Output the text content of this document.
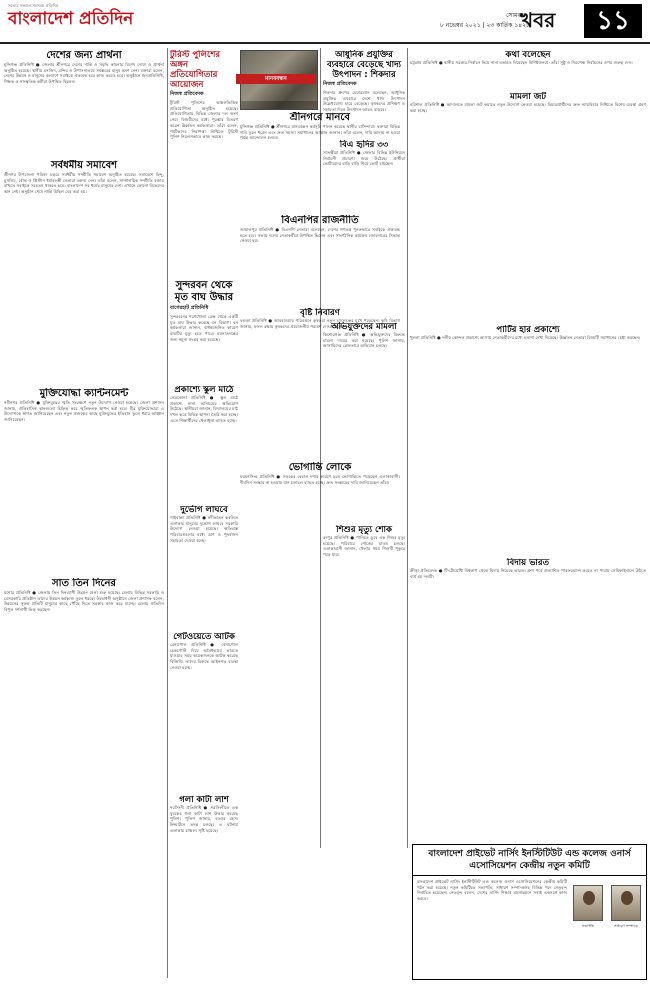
সত্যের সন্ধানে সবসময় প্রতিদিন
বাংলাদেশ প্রতিদিন	সোমবার
৮ নভেম্বর ২০২১ | ২৩ কার্তিক ১৪২৮
খবর	১১
দেশের জন্য প্রার্থনা
মুন্সিগঞ্জ প্রতিনিধি ● জেলার শ্রীনগরে দেশের শান্তি ও সমৃদ্ধি কামনায় বিশেষ দোয়া ও প্রার্থনা অনুষ্ঠিত হয়েছে। স্থানীয় মসজিদ, মন্দির ও উপাসনালয়ে সর্বস্তরের মানুষ অংশ নেন। বক্তারা বলেন, দেশের উন্নয়ন ও মানুষের কল্যাণে সবাইকে ঐক্যবদ্ধ হয়ে কাজ করতে হবে। অনুষ্ঠানে জনপ্রতিনিধি, শিক্ষক ও সাংস্কৃতিক কর্মীরা উপস্থিত ছিলেন।
সর্বধর্মীয় সমাবেশ
শ্রীনগর উপজেলা পরিষদ চত্বরে সর্বধর্মীয় সম্প্রীতি সমাবেশ অনুষ্ঠিত হয়েছে। সমাবেশে হিন্দু, মুসলিম, বৌদ্ধ ও খ্রিস্টান ধর্মাবলম্বী নেতারা বক্তব্য দেন। তাঁরা বলেন, সাম্প্রদায়িক সম্প্রীতি বজায় রাখতে সবাইকে সচেতন থাকতে হবে। বাংলাদেশ সব ধর্মের মানুষের দেশ। এখানে কোনো বিভেদের স্থান নেই। অনুষ্ঠান শেষে শান্তি মিছিল বের করা হয়।
মুক্তিযোদ্ধা ক্যান্টনমেন্ট
নবীনগর প্রতিনিধি ● মুক্তিযুদ্ধের স্মৃতি সংরক্ষণে নতুন উদ্যোগ নেওয়া হয়েছে। জেলা প্রশাসন জানায়, ঐতিহাসিক স্থানগুলো চিহ্নিত করে স্মৃতিফলক স্থাপন করা হবে। বীর মুক্তিযোদ্ধারা এ উদ্যোগকে স্বাগত জানিয়েছেন এবং নতুন প্রজন্মের কাছে মুক্তিযুদ্ধের ইতিহাস তুলে ধরার আহ্বান জানিয়েছেন।
সাত তিন দিনের
যশোর প্রতিনিধি ● জেলায় তিন দিনব্যাপী উন্নয়ন মেলা শুরু হয়েছে। মেলায় বিভিন্ন সরকারি ও বেসরকারি প্রতিষ্ঠান তাদের উন্নয়ন কর্মকাণ্ড তুলে ধরছে। উদ্বোধনী অনুষ্ঠানে জেলা প্রশাসক বলেন, উন্নয়নের সুফল প্রতিটি মানুষের কাছে পৌঁছে দিতে সরকার কাজ করে যাচ্ছে। মেলায় প্রতিদিন বিপুল দর্শনার্থী ভিড় করছেন।
টুরিস্ট পুলিশের অঙ্গন প্রতিযোগিতার আয়োজন
নিজস্ব প্রতিবেদক
টুরিস্ট পুলিশের অঞ্চলভিত্তিক প্রতিযোগিতা অনুষ্ঠিত হয়েছে। প্রতিযোগিতায় বিভিন্ন জেলার দল অংশ নেয়। বিজয়ীদের মধ্যে পুরস্কার বিতরণ করেন ঊর্ধ্বতন কর্মকর্তারা। তাঁরা বলেন, পর্যটকদের নিরাপত্তা নিশ্চিতে টুরিস্ট পুলিশ নিরলসভাবে কাজ করছে।
সুন্দরবন থেকে মৃত বাঘ উদ্ধার
বাগেরহাট প্রতিনিধি
সুন্দরবনের শরণখোলা রেঞ্জ থেকে একটি মৃত বাঘ উদ্ধার করেছে বন বিভাগ। বন কর্মকর্তারা জানান, বার্ধক্যজনিত কারণে বাঘটির মৃত্যু হতে পারে। ময়নাতদন্তের জন্য নমুনা সংগ্রহ করা হয়েছে।
প্রকাশ্যে স্কুল মাঠে
নেত্রকোনা প্রতিনিধি ● স্কুল মাঠে প্রকাশ্যে নানা অনিয়মের অভিযোগ উঠেছে। স্থানীয়রা জানান, বিদ্যালয়ের মাঠ দখল করে বিভিন্ন স্থাপনা তৈরি করা হচ্ছে। এতে শিক্ষার্থীদের খেলাধুলা ব্যাহত হচ্ছে।
দুর্ভোগ লাঘবে
গাইবান্ধা প্রতিনিধি ● নদীভাঙন কবলিত এলাকার মানুষের দুর্ভোগ লাঘবে সরকারি উদ্যোগ নেওয়া হয়েছে। ক্ষতিগ্রস্ত পরিবারগুলোর মধ্যে ত্রাণ ও পুনর্বাসন সহায়তা দেওয়া হচ্ছে।
গেটওয়েতে আটক
বেনাপোল প্রতিনিধি ● বেনাপোল চেকপোস্ট দিয়ে অবৈধভাবে ভারতে যাওয়ার সময় কয়েকজনকে আটক করেছে বিজিবি। তাদের বিরুদ্ধে আইনগত ব্যবস্থা নেওয়া হচ্ছে।
গলা কাটা লাশ
নরসিংদী প্রতিনিধি ● নরসিংদীতে এক যুবকের গলা কাটা লাশ উদ্ধার করেছে পুলিশ। পুলিশ জানায়, হত্যার রহস্য উদ্ঘাটনে তদন্ত চলছে। এ ঘটনায় এলাকায় চাঞ্চল্য সৃষ্টি হয়েছে।
মানববন্ধন
শ্রীনগরে মানবে
মুন্সিগঞ্জ প্রতিনিধি ● শ্রীনগরে মানববন্ধন কর্মসূচি পালন করেছে স্থানীয় বাসিন্দারা। বক্তারা বিভিন্ন দাবি তুলে ধরেন এবং দ্রুত সমস্যা সমাধানের আহ্বান জানান। তাঁরা বলেন, দাবি আদায় না হওয়া পর্যন্ত আন্দোলন চলবে।
বিএনপির রাজনীতি
জামালপুর প্রতিনিধি ● বিএনপি নেতারা বলেছেন, দেশের গণতন্ত্র পুনরুদ্ধারে সবাইকে ঐক্যবদ্ধ হতে হবে। সভায় দলের নেতাকর্মীরা উপস্থিত ছিলেন এবং সাংগঠনিক কার্যক্রম জোরদারের সিদ্ধান্ত নেওয়া হয়।
বৃষ্টি নিবারণ
বগুড়া প্রতিনিধি ● আবহাওয়ার পরিবর্তনে কৃষকরা নতুন চ্যালেঞ্জের মুখে পড়েছেন। কৃষি বিভাগ জানায়, ফসল রক্ষায় কৃষকদের প্রয়োজনীয় পরামর্শ দেওয়া হচ্ছে।
ভোগান্তি লোকে
ময়মনসিংহ প্রতিনিধি ● সড়কের বেহাল দশার কারণে চরম ভোগান্তিতে পড়েছেন এলাকাবাসী। দীর্ঘদিন সংস্কার না হওয়ায় যান চলাচল ব্যাহত হচ্ছে। দ্রুত সংস্কারের দাবি জানিয়েছেন তাঁরা।
আধুনিক প্রযুক্তির ব্যবহারে বেড়েছে খাদ্য উৎপাদন : শিকদার
নিজস্ব প্রতিবেদক
শিকদার গ্রুপের চেয়ারম্যান বলেছেন, আধুনিক প্রযুক্তির ব্যবহারে দেশে খাদ্য উৎপাদন উল্লেখযোগ্য হারে বেড়েছে। কৃষকদের প্রশিক্ষণ ও সহায়তা দিলে উৎপাদন আরও বাড়বে।
বিএ হৃদির ৩৩
সাতক্ষীরা প্রতিনিধি ● জেলার বিভিন্ন ইউনিয়নে নির্বাচনী প্রচারণা জমে উঠেছে। প্রার্থীরা ভোটারদের বাড়ি বাড়ি গিয়ে ভোট চাইছেন।
অভিযুক্তদের মামলা
কিশোরগঞ্জ প্রতিনিধি ● অভিযুক্তদের বিরুদ্ধে মামলা দায়ের করা হয়েছে। পুলিশ জানায়, আসামিদের গ্রেফতারে অভিযান চলছে।
শিশুর মৃত্যু শোক
রংপুর প্রতিনিধি ● পানিতে ডুবে এক শিশুর মৃত্যু হয়েছে। পরিবারে শোকের মাতম চলছে। এলাকাবাসী জানান, খেলার সময় শিশুটি পুকুরে পড়ে যায়।
কথা বলেছেন
চট্টগ্রাম প্রতিনিধি ● স্থানীয় সরকার নির্বাচন নিয়ে নানা মতামত দিয়েছেন বিশিষ্টজনরা। তাঁরা সুষ্ঠু ও নিরপেক্ষ নির্বাচনের ওপর গুরুত্ব দেন।
মামলা জট
বরিশাল প্রতিনিধি ● আদালতে মামলা জট কমাতে নতুন উদ্যোগ নেওয়া হয়েছে। বিচারপ্রার্থীদের দ্রুত ন্যায়বিচার নিশ্চিতে বিশেষ ব্যবস্থা গ্রহণ করা হচ্ছে।
পার্টির হার প্রকাশ্যে
খুলনা প্রতিনিধি ● দলীয় কোন্দল প্রকাশ্যে আসায় নেতাকর্মীদের মধ্যে হতাশা দেখা দিয়েছে। ঊর্ধ্বতন নেতারা বিষয়টি সমাধানের চেষ্টা করছেন।
বিদায় ভারত
ক্রীড়া প্রতিবেদক ● টি-টোয়েন্টি বিশ্বকাপ থেকে বিদায় নিয়েছে ভারত। গ্রুপ পর্বে প্রত্যাশিত পারফরম্যান্স করতে না পারায় সেমিফাইনালে উঠতে ব্যর্থ হয় দলটি।
বাংলাদেশ প্রাইভেট নার্সিং ইনস্টিটিউট এন্ড কলেজ ওনার্স এসোসিয়েশন কেন্দ্রীয় নতুন কমিটি
বাংলাদেশ প্রাইভেট নার্সিং ইনস্টিটিউট এন্ড কলেজ ওনার্স এসোসিয়েশনের কেন্দ্রীয় কমিটি গঠন করা হয়েছে। নতুন কমিটিতে সভাপতি, সাধারণ সম্পাদকসহ বিভিন্ন পদে নেতৃবৃন্দ নির্বাচিত হয়েছেন। নেতৃবৃন্দ বলেন, দেশের নার্সিং শিক্ষার মানোন্নয়নে সবাই একসঙ্গে কাজ করবে।
সভাপতি	সাধারণ সম্পাদক
